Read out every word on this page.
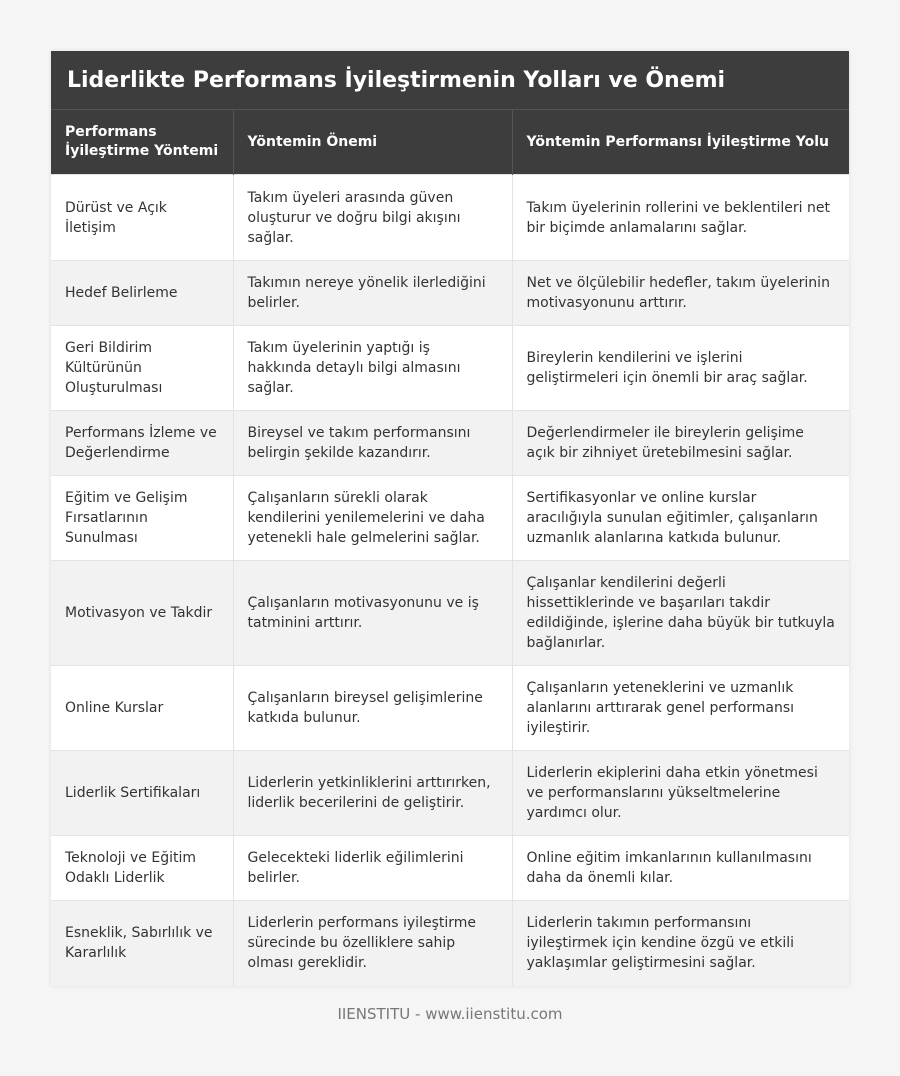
Liderlikte Performans İyileştirmenin Yolları ve Önemi
Performans İyileştirme Yöntemi	Yöntemin Önemi	Yöntemin Performansı İyileştirme Yolu
Dürüst ve Açık İletişim	Takım üyeleri arasında güven oluşturur ve doğru bilgi akışını sağlar.	Takım üyelerinin rollerini ve beklentileri net bir biçimde anlamalarını sağlar.
Hedef Belirleme	Takımın nereye yönelik ilerlediğini belirler.	Net ve ölçülebilir hedefler, takım üyelerinin motivasyonunu arttırır.
Geri Bildirim Kültürünün Oluşturulması	Takım üyelerinin yaptığı iş hakkında detaylı bilgi almasını sağlar.	Bireylerin kendilerini ve işlerini geliştirmeleri için önemli bir araç sağlar.
Performans İzleme ve Değerlendirme	Bireysel ve takım performansını belirgin şekilde kazandırır.	Değerlendirmeler ile bireylerin gelişime açık bir zihniyet üretebilmesini sağlar.
Eğitim ve Gelişim Fırsatlarının Sunulması	Çalışanların sürekli olarak kendilerini yenilemelerini ve daha yetenekli hale gelmelerini sağlar.	Sertifikasyonlar ve online kurslar aracılığıyla sunulan eğitimler, çalışanların uzmanlık alanlarına katkıda bulunur.
Motivasyon ve Takdir	Çalışanların motivasyonunu ve iş tatminini arttırır.	Çalışanlar kendilerini değerli hissettiklerinde ve başarıları takdir edildiğinde, işlerine daha büyük bir tutkuyla bağlanırlar.
Online Kurslar	Çalışanların bireysel gelişimlerine katkıda bulunur.	Çalışanların yeteneklerini ve uzmanlık alanlarını arttırarak genel performansı iyileştirir.
Liderlik Sertifikaları	Liderlerin yetkinliklerini arttırırken, liderlik becerilerini de geliştirir.	Liderlerin ekiplerini daha etkin yönetmesi ve performanslarını yükseltmelerine yardımcı olur.
Teknoloji ve Eğitim Odaklı Liderlik	Gelecekteki liderlik eğilimlerini belirler.	Online eğitim imkanlarının kullanılmasını daha da önemli kılar.
Esneklik, Sabırlılık ve Kararlılık	Liderlerin performans iyileştirme sürecinde bu özelliklere sahip olması gereklidir.	Liderlerin takımın performansını iyileştirmek için kendine özgü ve etkili yaklaşımlar geliştirmesini sağlar.
IIENSTITU - www.iienstitu.com
